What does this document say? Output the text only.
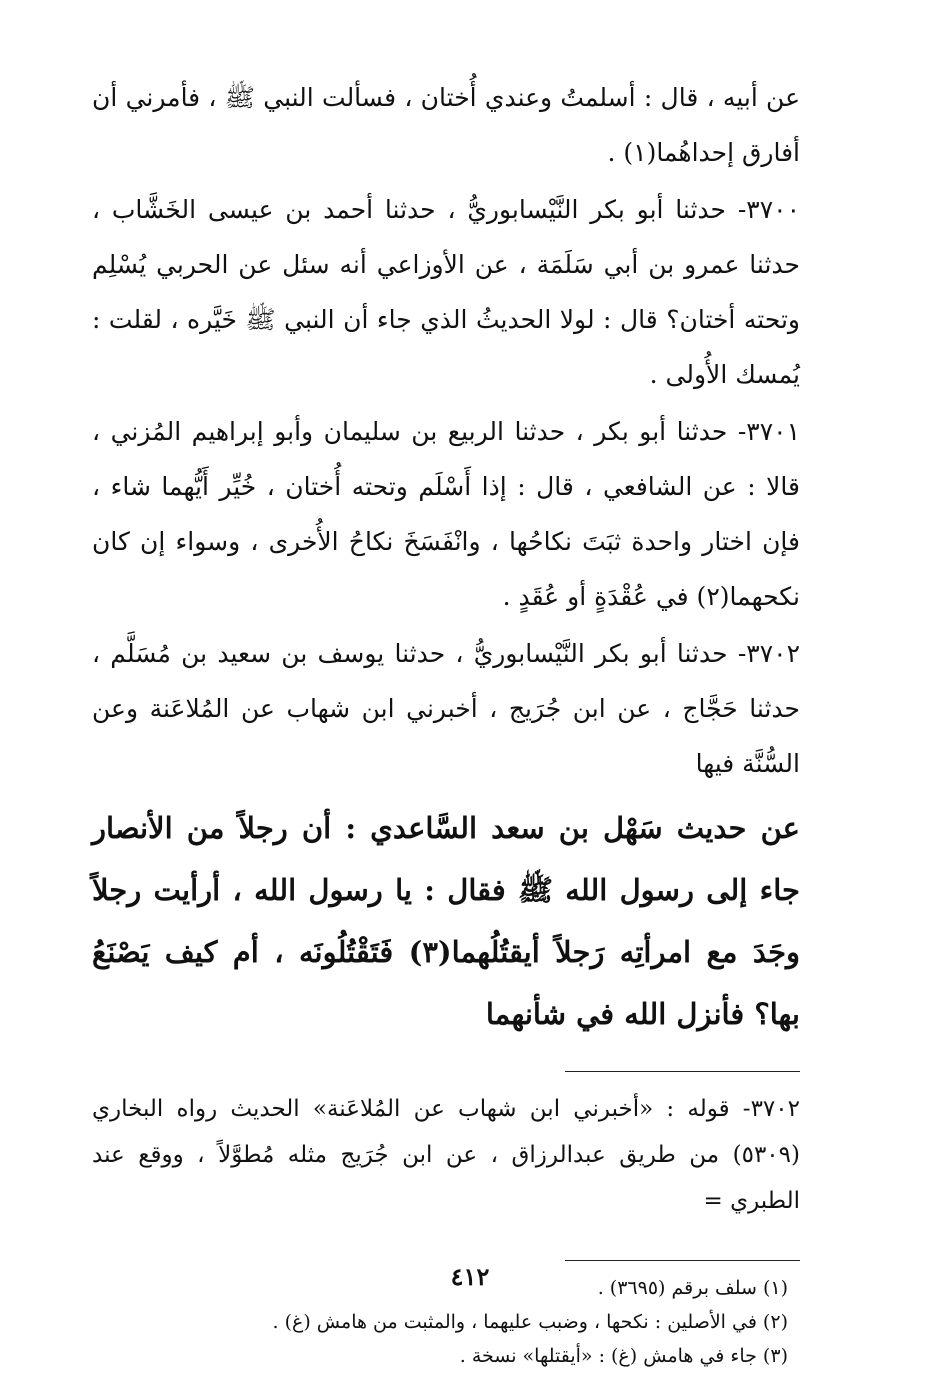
عن أبيه ، قال : أسلمتُ وعندي أُختان ، فسألت النبي ﷺ ، فأمرني أن أفارق إحداهُما(١) .

٣٧٠٠- حدثنا أبو بكر النَّيْسابوريُّ ، حدثنا أحمد بن عيسى الخَشَّاب ، حدثنا عمرو بن أبي سَلَمَة ، عن الأوزاعي أنه سئل عن الحربي يُسْلِم وتحته أختان؟ قال : لولا الحديثُ الذي جاء أن النبي ﷺ خَيَّره ، لقلت : يُمسك الأُولى .

٣٧٠١- حدثنا أبو بكر ، حدثنا الربيع بن سليمان وأبو إبراهيم المُزني ، قالا : عن الشافعي ، قال : إذا أَسْلَم وتحته أُختان ، خُيِّر أَيُّهما شاء ، فإن اختار واحدة ثبَتَ نكاحُها ، وانْفَسَخَ نكاحُ الأُخرى ، وسواء إن كان نكحهما(٢) في عُقْدَةٍ أو عُقَدٍ .

٣٧٠٢- حدثنا أبو بكر النَّيْسابوريُّ ، حدثنا يوسف بن سعيد بن مُسَلَّم ، حدثنا حَجَّاج ، عن ابن جُرَيج ، أخبرني ابن شهاب عن المُلاعَنة وعن السُّنَّة فيها

عن حديث سَهْل بن سعد السَّاعدي : أن رجلاً من الأنصار جاء إلى رسول الله ﷺ فقال : يا رسول الله ، أرأيت رجلاً وجَدَ مع امرأتِه رَجلاً أيقتُلُهما(٣) فَتَقْتُلُونَه ، أم كيف يَصْنَعُ بها؟ فأنزل الله في شأنهما

٣٧٠٢- قوله : «أخبرني ابن شهاب عن المُلاعَنة» الحديث رواه البخاري (٥٣٠٩) من طريق عبدالرزاق ، عن ابن جُرَيج مثله مُطوَّلاً ، ووقع عند الطبري =

(١) سلف برقم (٣٦٩٥) .
(٢) في الأصلين : نكحها ، وضبب عليهما ، والمثبت من هامش (غ) .
(٣) جاء في هامش (غ) : «أيقتلها» نسخة .
٤١٢
